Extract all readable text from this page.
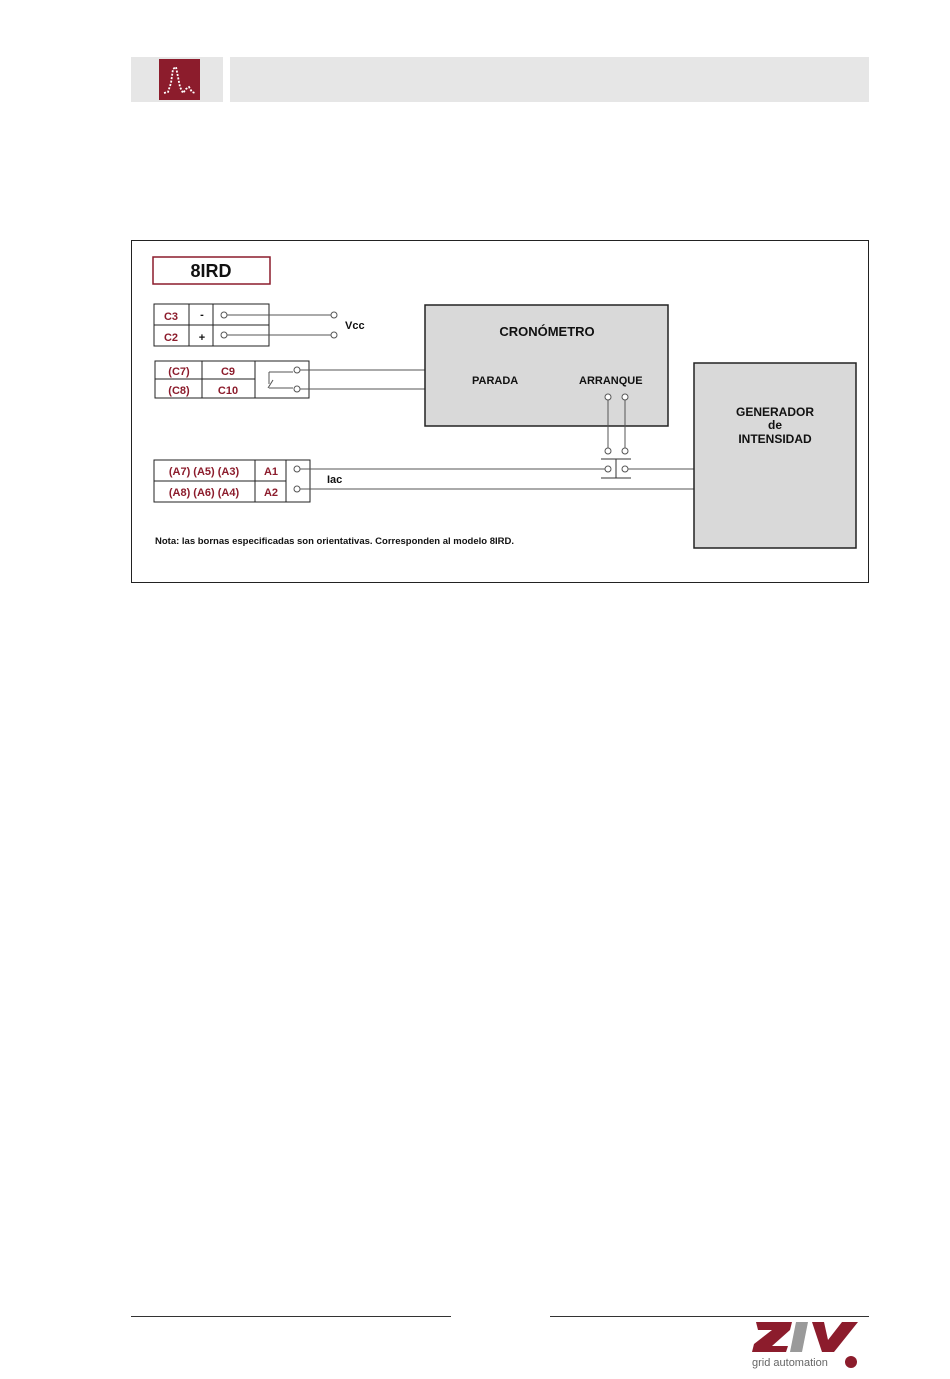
8IRD
C3
C2
-
+
Vcc
(C7)
(C8)
C9
C10
CRONÓMETRO
PARADA	ARRANQUE
(A7) (A5) (A3)
(A8) (A6) (A4)
A1
A2
Iac
GENERADOR
de
INTENSIDAD
Nota: las bornas especificadas son orientativas. Corresponden al modelo 8IRD.
grid automation
